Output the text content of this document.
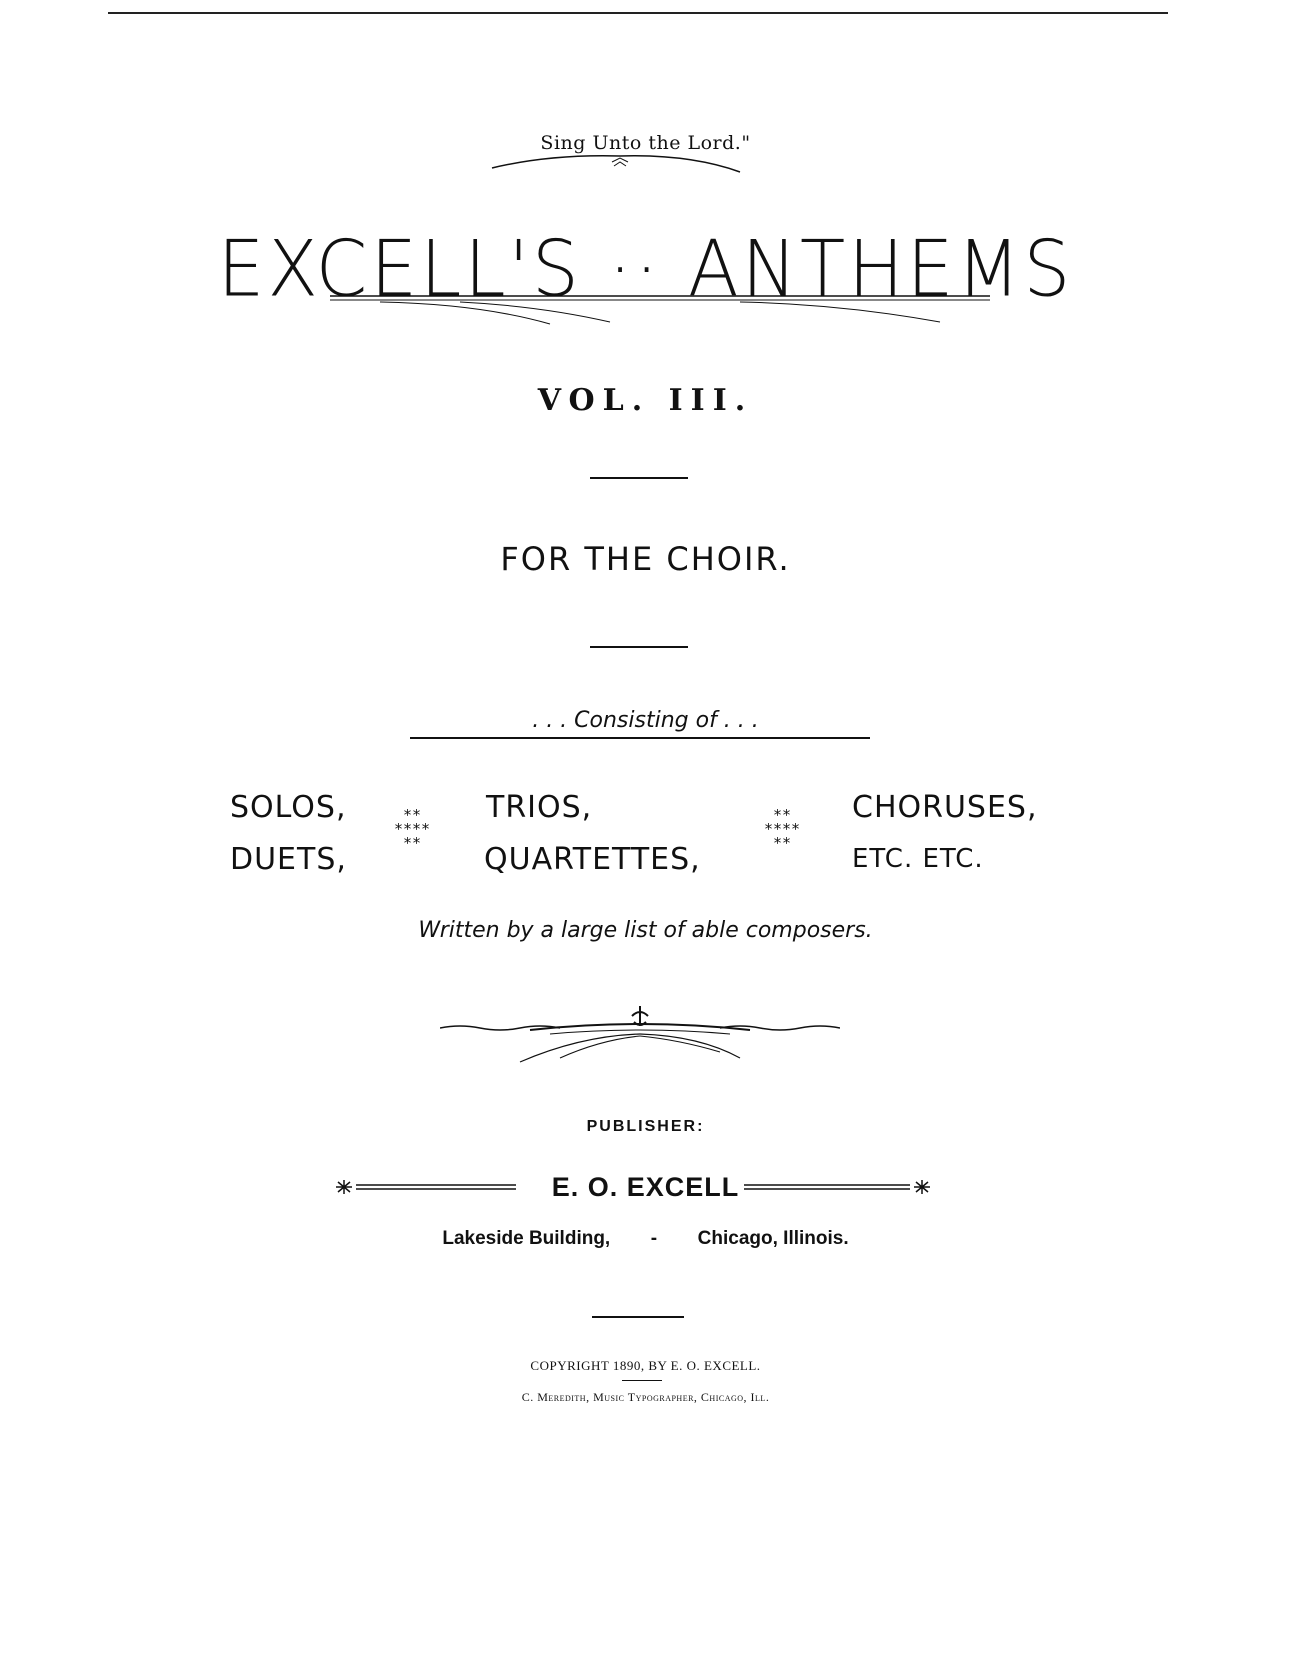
Sing Unto the Lord."
EXCELL'S ·· ANTHEMS
VOL. III.
FOR THE CHOIR.
. . . Consisting of . . .
SOLOS,
DUETS,
**
****
**
TRIOS,
QUARTETTES,
**
****
**
CHORUSES,
ETC. ETC.
Written by a large list of able composers.
PUBLISHER:
E. O. EXCELL
Lakeside Building, - Chicago, Illinois.
COPYRIGHT 1890, BY E. O. EXCELL.
C. Meredith, Music Typographer, Chicago, Ill.
